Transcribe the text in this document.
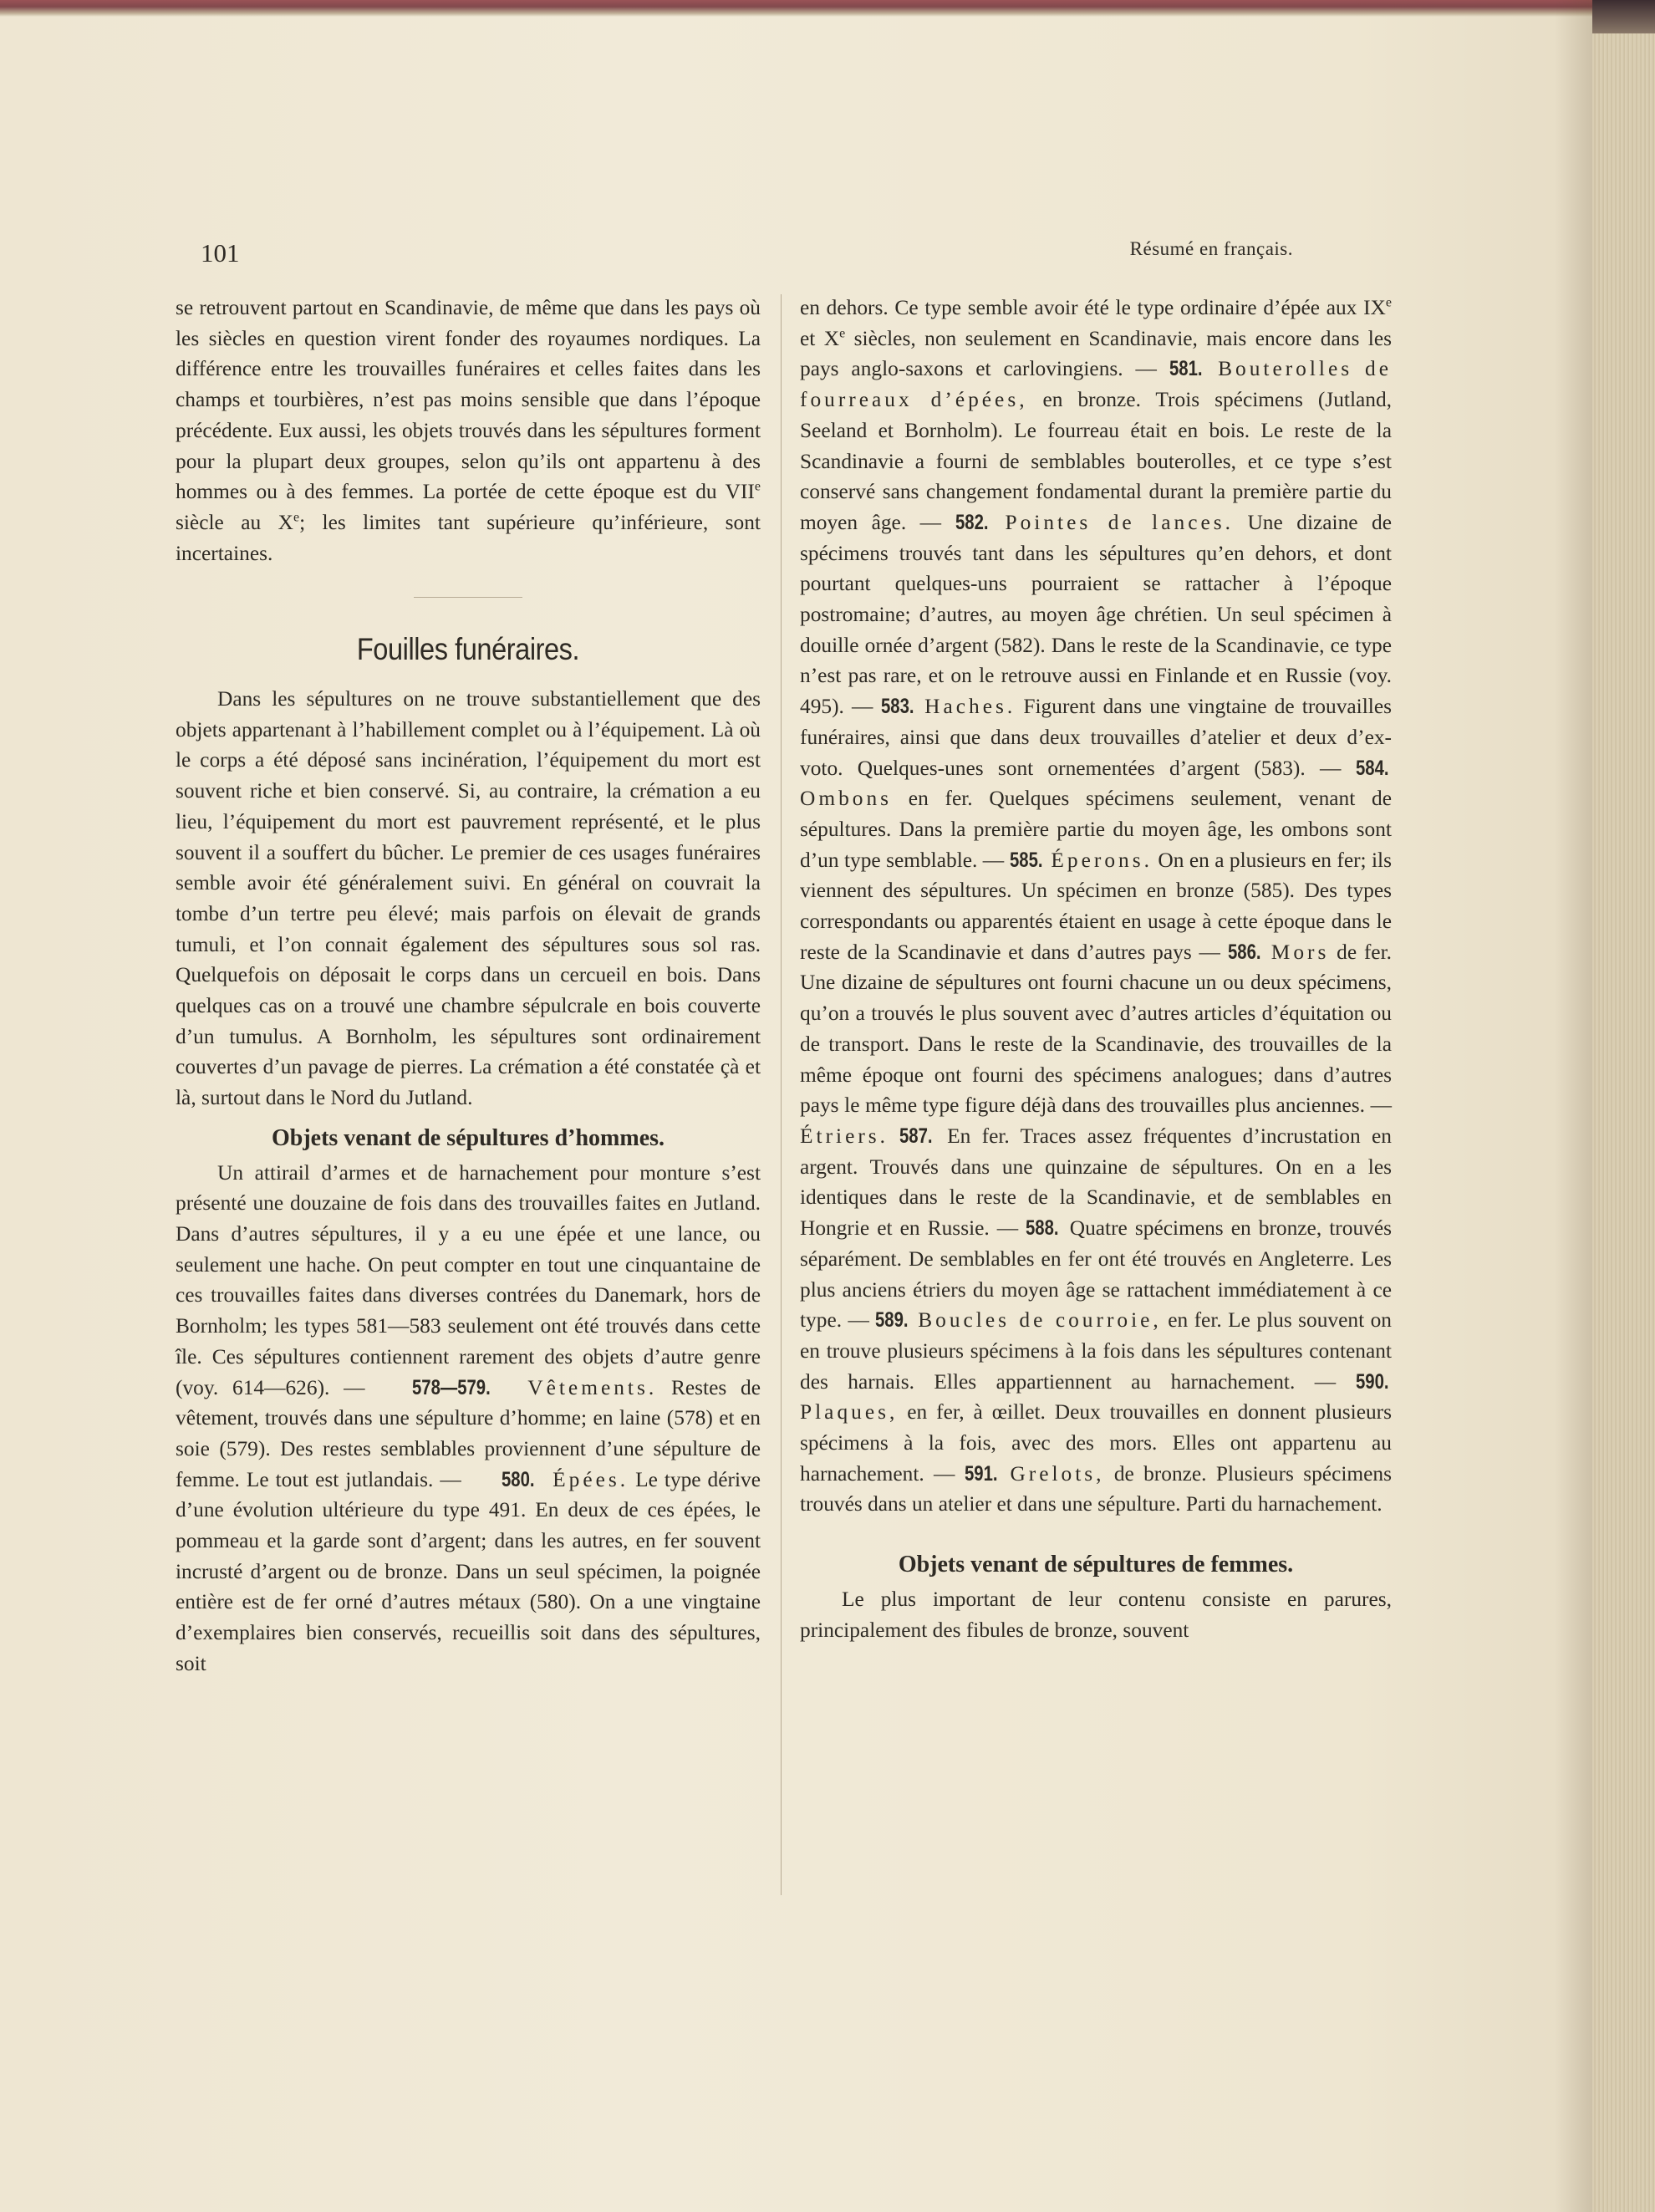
101	Résumé en français.

se retrouvent partout en Scandinavie, de même que dans les pays où les siècles en question virent fonder des royaumes nordiques. La différence entre les trouvailles funéraires et celles faites dans les champs et tourbières, n’est pas moins sensible que dans l’époque précédente. Eux aussi, les objets trouvés dans les sépultures forment pour la plupart deux groupes, selon qu’ils ont appartenu à des hommes ou à des femmes. La portée de cette époque est du VIIe siècle au Xe; les limites tant supérieure qu’inférieure, sont incertaines.

Fouilles funéraires.

Dans les sépultures on ne trouve substantiellement que des objets appartenant à l’habillement complet ou à l’équipement. Là où le corps a été déposé sans incinération, l’équipement du mort est souvent riche et bien conservé. Si, au contraire, la crémation a eu lieu, l’équipement du mort est pauvrement représenté, et le plus souvent il a souffert du bûcher. Le premier de ces usages funéraires semble avoir été généralement suivi. En général on couvrait la tombe d’un tertre peu élevé; mais parfois on élevait de grands tumuli, et l’on connait également des sépultures sous sol ras. Quelquefois on déposait le corps dans un cercueil en bois. Dans quelques cas on a trouvé une chambre sépulcrale en bois couverte d’un tumulus. A Bornholm, les sépultures sont ordinairement couvertes d’un pavage de pierres. La crémation a été constatée çà et là, surtout dans le Nord du Jutland.

Objets venant de sépultures d’hommes.

Un attirail d’armes et de harnachement pour monture s’est présenté une douzaine de fois dans des trouvailles faites en Jutland. Dans d’autres sépultures, il y a eu une épée et une lance, ou seulement une hache. On peut compter en tout une cinquantaine de ces trouvailles faites dans diverses contrées du Danemark, hors de Bornholm; les types 581—583 seulement ont été trouvés dans cette île. Ces sépultures contiennent rarement des objets d’autre genre (voy. 614—626). — 578—579. Vêtements. Restes de vêtement, trouvés dans une sépulture d’homme; en laine (578) et en soie (579). Des restes semblables proviennent d’une sépulture de femme. Le tout est jutlandais. — 580. Épées. Le type dérive d’une évolution ultérieure du type 491. En deux de ces épées, le pommeau et la garde sont d’argent; dans les autres, en fer souvent incrusté d’argent ou de bronze. Dans un seul spécimen, la poignée entière est de fer orné d’autres métaux (580). On a une vingtaine d’exemplaires bien conservés, recueillis soit dans des sépultures, soit

en dehors. Ce type semble avoir été le type ordinaire d’épée aux IXe et Xe siècles, non seulement en Scandinavie, mais encore dans les pays anglo-saxons et carlovingiens. — 581. Bouterolles de fourreaux d’épées, en bronze. Trois spécimens (Jutland, Seeland et Bornholm). Le fourreau était en bois. Le reste de la Scandinavie a fourni de semblables bouterolles, et ce type s’est conservé sans changement fondamental durant la première partie du moyen âge. — 582. Pointes de lances. Une dizaine de spécimens trouvés tant dans les sépultures qu’en dehors, et dont pourtant quelques-uns pourraient se rattacher à l’époque postromaine; d’autres, au moyen âge chrétien. Un seul spécimen à douille ornée d’argent (582). Dans le reste de la Scandinavie, ce type n’est pas rare, et on le retrouve aussi en Finlande et en Russie (voy. 495). — 583. Haches. Figurent dans une vingtaine de trouvailles funéraires, ainsi que dans deux trouvailles d’atelier et deux d’ex-voto. Quelques-unes sont ornementées d’argent (583). — 584. Ombons en fer. Quelques spécimens seulement, venant de sépultures. Dans la première partie du moyen âge, les ombons sont d’un type semblable. — 585. Éperons. On en a plusieurs en fer; ils viennent des sépultures. Un spécimen en bronze (585). Des types correspondants ou apparentés étaient en usage à cette époque dans le reste de la Scandinavie et dans d’autres pays — 586. Mors de fer. Une dizaine de sépultures ont fourni chacune un ou deux spécimens, qu’on a trouvés le plus souvent avec d’autres articles d’équitation ou de transport. Dans le reste de la Scandinavie, des trouvailles de la même époque ont fourni des spécimens analogues; dans d’autres pays le même type figure déjà dans des trouvailles plus anciennes. — Étriers. 587. En fer. Traces assez fréquentes d’incrustation en argent. Trouvés dans une quinzaine de sépultures. On en a les identiques dans le reste de la Scandinavie, et de semblables en Hongrie et en Russie. — 588. Quatre spécimens en bronze, trouvés séparément. De semblables en fer ont été trouvés en Angleterre. Les plus anciens étriers du moyen âge se rattachent immédiatement à ce type. — 589. Boucles de courroie, en fer. Le plus souvent on en trouve plusieurs spécimens à la fois dans les sépultures contenant des harnais. Elles appartiennent au harnachement. — 590. Plaques, en fer, à œillet. Deux trouvailles en donnent plusieurs spécimens à la fois, avec des mors. Elles ont appartenu au harnachement. — 591. Grelots, de bronze. Plusieurs spécimens trouvés dans un atelier et dans une sépulture. Parti du harnachement.

Objets venant de sépultures de femmes.

Le plus important de leur contenu consiste en parures, principalement des fibules de bronze, souvent
